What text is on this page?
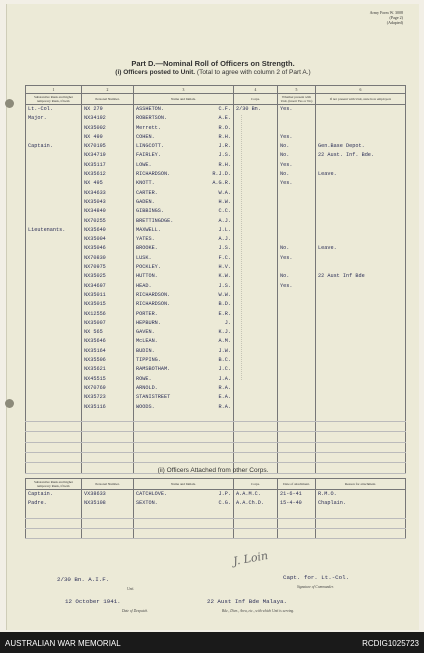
Army Form W. 3008
(Page 2)
(Adapted)
Part D.—Nominal Roll of Officers on Strength.
(i) Officers posted to Unit. (Total to agree with column 2 of Part A.)
1	2	3	4	5	6
Substantive Rank and higher temporary Rank, if held.	Personal Number.	Name and Initials.	Corps.	Whether present with Unit, (insert Yes or No)	If not present with Unit, state how employed.
Lt.-Col.	NX 279	ASSHETON. C.F.	2/30 Bn.	Yes.	
Major.	NX34192	ROBERTSON. A.E.			

	NX35002	Merrett. R.O.			

	NX 499	COHEN. R.H.		Yes.	
Captain.	NX70195	LINGCOTT. J.R.		No.	Gen.Base Depot.
	NX34719	FAIRLEY. J.S.		No.	22 Aust. Inf. Bde.
	NX35117	LOWE. R.H.		Yes.	
	NX35612	RICHARDSON. R.J.D.		No.	Leave.
	NX 495	KNOTT. A.G.R.		Yes.	
	NX34633	CARTER. W.A.			

	NX35043	GADEN. H.W.			

	NX34840	GIBBINGS. C.C.			

	NX70255	BRETTINGDGE. A.J.			

Lieutenants.	NX35640	MAXWELL. J.L.			

	NX35004	YATES. A.J.			

	NX35046	BROOKE. J.S.		No.	Leave.
	NX70830	LUSK. F.C.		Yes.	
	NX70975	POCKLEY. H.V.			

	NX35025	HUTTON. K.W.		No.	22 Aust Inf Bde
	NX34697	HEAD. J.S.		Yes.	
	NX35011	RICHARDSON. W.W.			

	NX35015	RICHARDSON. B.D.			

	NX12556	PORTER. E.R.			

	NX35007	HEPBURN. J.			

	NX 565	GAVEN. K.J.			

	NX35646	McLEAN. A.M.			

	NX35164	BUDIN. J.W.			

	NX35506	TIPPING. B.C.			

	NX35621	RAMSBOTHAM. J.C.			

	NX45515	ROWE. J.A.			

	NX70769	ARNOLD. R.A.			

	NX35723	STANISTREET E.A.			

	NX35116	WOODS. R.A.			

(ii) Officers Attached from other Corps.
Substantive Rank and higher temporary Rank, if held.	Personal Number.	Name and Initials.	Corps.	Date of attachment.	Reason for attachment.
Captain.	VX38633	CATCHLOVE. J.P.	A.A.M.C.	21-6-41	R.M.O.
Padre.	NX35108	SEXTON. C.G.	A.A.Ch.D.	15-4-40	Chaplain.

2/30 Bn. A.I.F.
Unit.
12 October 1941.
Date of Despatch.
J. Loin
Capt. for. Lt.-Col.
Signature of Commander.
22 Aust Inf Bde Malaya.
Bde., Divn., Area, etc., with which Unit is serving.
AUSTRALIAN WAR MEMORIAL	RCDIG1025723
